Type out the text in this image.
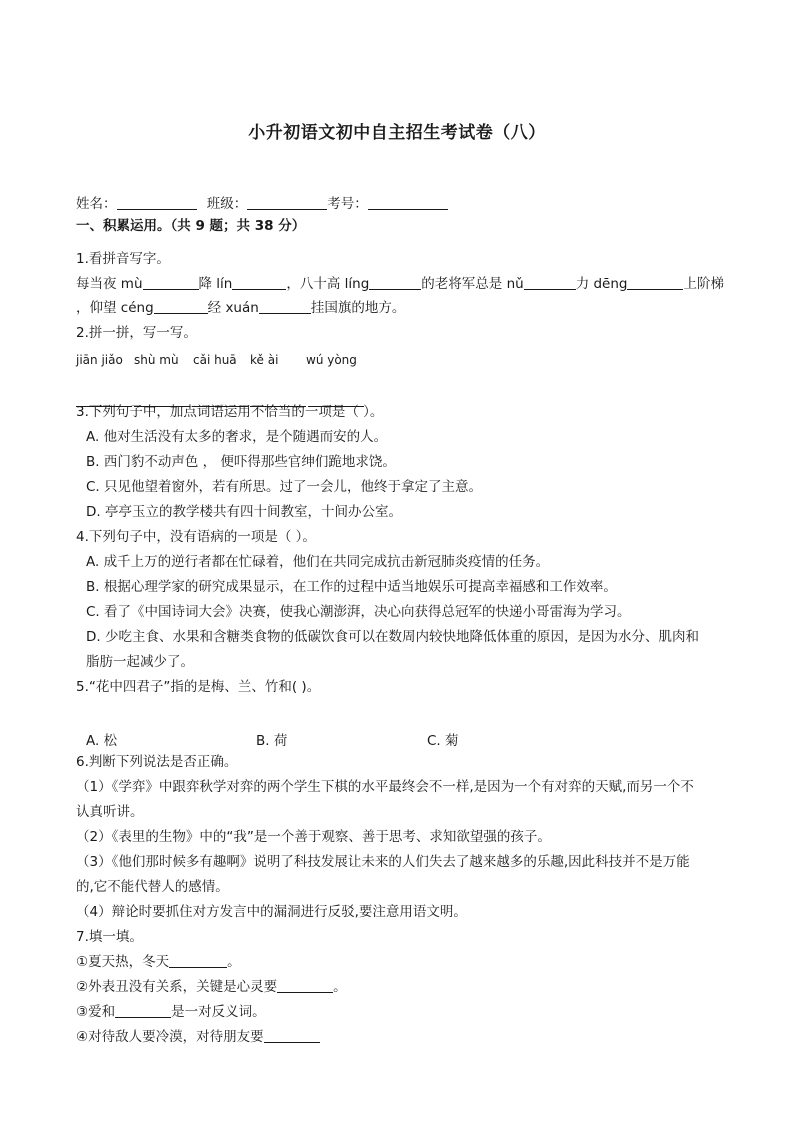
小升初语文初中自主招生考试卷（八）
姓名：	班级：	考号：
一、积累运用。（共 9 题；共 38 分）
1.看拼音写字。
每当夜 mù	降 lín	，八十高 líng	的老将军总是 nǔ	力 dēng	上阶梯
，仰望 céng	经 xuán	挂国旗的地方。
2.拼一拼，写一写。
jiān jiǎo shù mù cǎi huā kě ài wú yòng
3.下列句子中，加点词语运用不恰当的一项是（ ）。
A. 他对生活没有太多的奢求，是个随遇而安的人。
B. 西门豹不动声色 ， 便吓得那些官绅们跪地求饶。
C. 只见他望着窗外，若有所思。过了一会儿，他终于拿定了主意。
D. 亭亭玉立的教学楼共有四十间教室，十间办公室。
4.下列句子中，没有语病的一项是（ ）。
A. 成千上万的逆行者都在忙碌着，他们在共同完成抗击新冠肺炎疫情的任务。
B. 根据心理学家的研究成果显示，在工作的过程中适当地娱乐可提高幸福感和工作效率。
C. 看了《中国诗词大会》决赛，使我心潮澎湃，决心向获得总冠军的快递小哥雷海为学习。
D. 少吃主食、水果和含糖类食物的低碳饮食可以在数周内较快地降低体重的原因，是因为水分、肌肉和
脂肪一起减少了。
5.“花中四君子”指的是梅、兰、竹和( )。
A. 松	B. 荷	C. 菊
6.判断下列说法是否正确。
（1）《学弈》中跟弈秋学对弈的两个学生下棋的水平最终会不一样,是因为一个有对弈的天赋,而另一个不
认真听讲。
（2）《表里的生物》中的“我”是一个善于观察、善于思考、求知欲望强的孩子。
（3）《他们那时候多有趣啊》说明了科技发展让未来的人们失去了越来越多的乐趣,因此科技并不是万能
的,它不能代替人的感情。
（4）辩论时要抓住对方发言中的漏洞进行反驳,要注意用语文明。
7.填一填。
①夏天热，冬天	。
②外表丑没有关系，关键是心灵要	。
③爱和	是一对反义词。
④对待敌人要冷漠，对待朋友要
